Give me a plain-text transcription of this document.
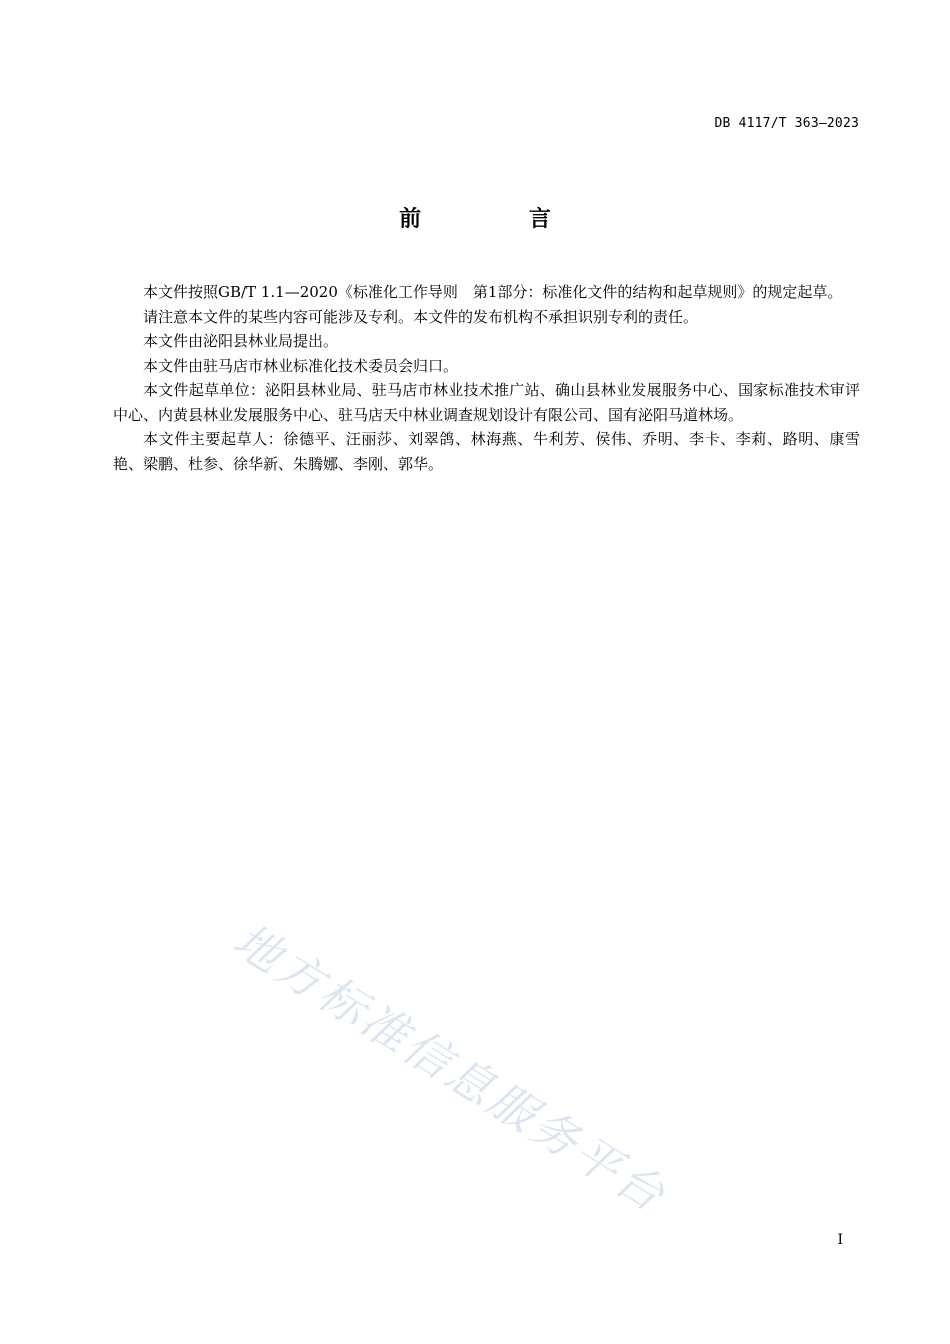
DB 4117/T 363—2023
前 言

本文件按照GB/T 1.1—2020《标准化工作导则　第1部分：标准化文件的结构和起草规则》的规定起草。

请注意本文件的某些内容可能涉及专利。本文件的发布机构不承担识别专利的责任。

本文件由泌阳县林业局提出。

本文件由驻马店市林业标准化技术委员会归口。

本文件起草单位：泌阳县林业局、驻马店市林业技术推广站、确山县林业发展服务中心、国家标准技术审评中心、内黄县林业发展服务中心、驻马店天中林业调查规划设计有限公司、国有泌阳马道林场。

本文件主要起草人：徐德平、汪丽莎、刘翠鸽、林海燕、牛利芳、侯伟、乔明、李卡、李莉、路明、康雪艳、梁鹏、杜参、徐华新、朱腾娜、李刚、郭华。

地方标准信息服务平台
I
